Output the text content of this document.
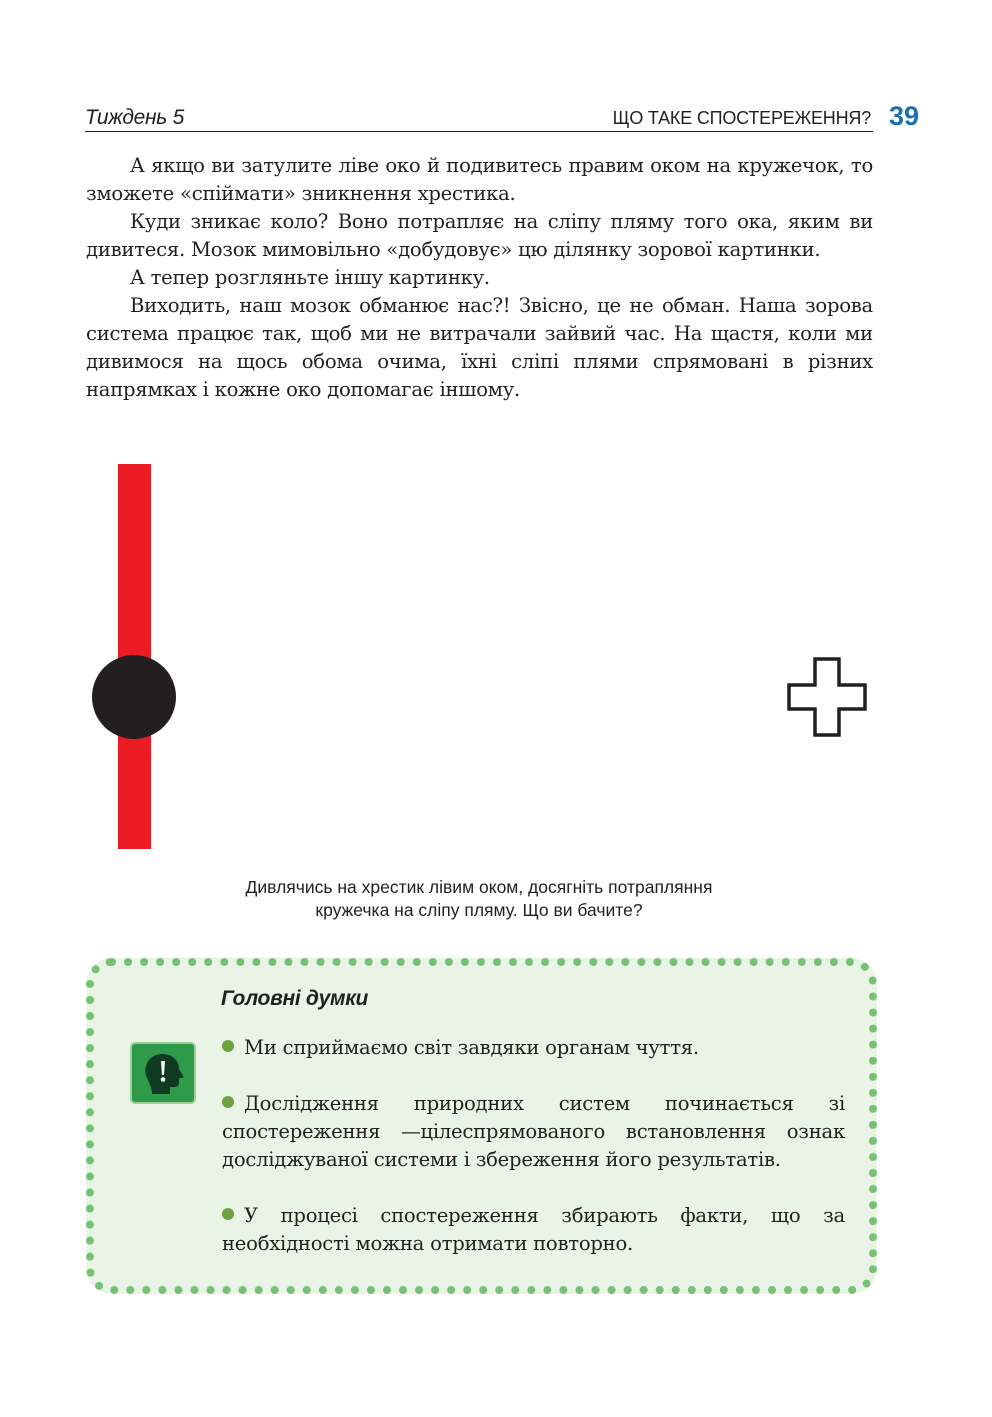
Тиждень 5	ЩО ТАКЕ СПОСТЕРЕЖЕННЯ? 39

А якщо ви затулите ліве око й подивитесь правим оком на кружечок, то зможете «спіймати» зникнення хрестика.

Куди зникає коло? Воно потрапляє на сліпу пляму того ока, яким ви дивитеся. Мозок мимовільно «добудовує» цю ділянку зорової картинки.

А тепер розгляньте іншу картинку.

Виходить, наш мозок обманює нас?! Звісно, це не обман. Наша зорова система працює так, щоб ми не витрачали зайвий час. На щастя, коли ми дивимося на щось обома очима, їхні сліпі плями спрямовані в різних напрямках і кожне око допомагає іншому.

Дивлячись на хрестик лівим оком, досягніть потрапляння
кружечка на сліпу пляму. Що ви бачите?
Головні думки

Ми сприймаємо світ завдяки органам чуття.

Дослідження природних систем починається зі спостереження —цілеспрямованого встановлення ознак досліджуваної системи і збереження його результатів.

У процесі спостереження збирають факти, що за необхідності можна отримати повторно.
